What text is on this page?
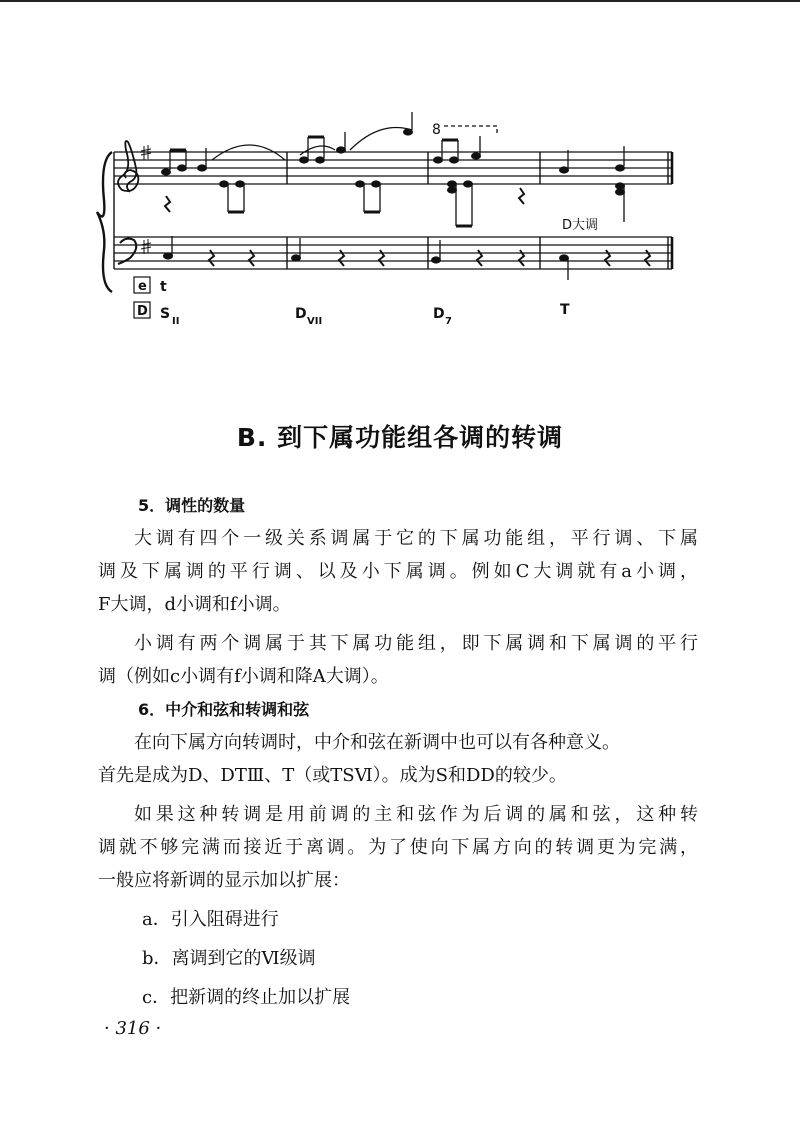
8
D大调
e
D
t
S II	D VII	D 7
T
B. 到下属功能组各调的转调
5．调性的数量
大调有四个一级关系调属于它的下属功能组，平行调、下属
调及下属调的平行调、以及小下属调。例如C大调就有a小调，
F大调，d小调和f小调。
小调有两个调属于其下属功能组，即下属调和下属调的平行
调（例如c小调有f小调和降A大调）。
6．中介和弦和转调和弦
在向下属方向转调时，中介和弦在新调中也可以有各种意义。
首先是成为D、DTⅢ、T（或TSⅥ）。成为S和DD的较少。
如果这种转调是用前调的主和弦作为后调的属和弦，这种转
调就不够完满而接近于离调。为了使向下属方向的转调更为完满，
一般应将新调的显示加以扩展：
a．引入阻碍进行
b．离调到它的Ⅵ级调
c．把新调的终止加以扩展
· 316 ·
